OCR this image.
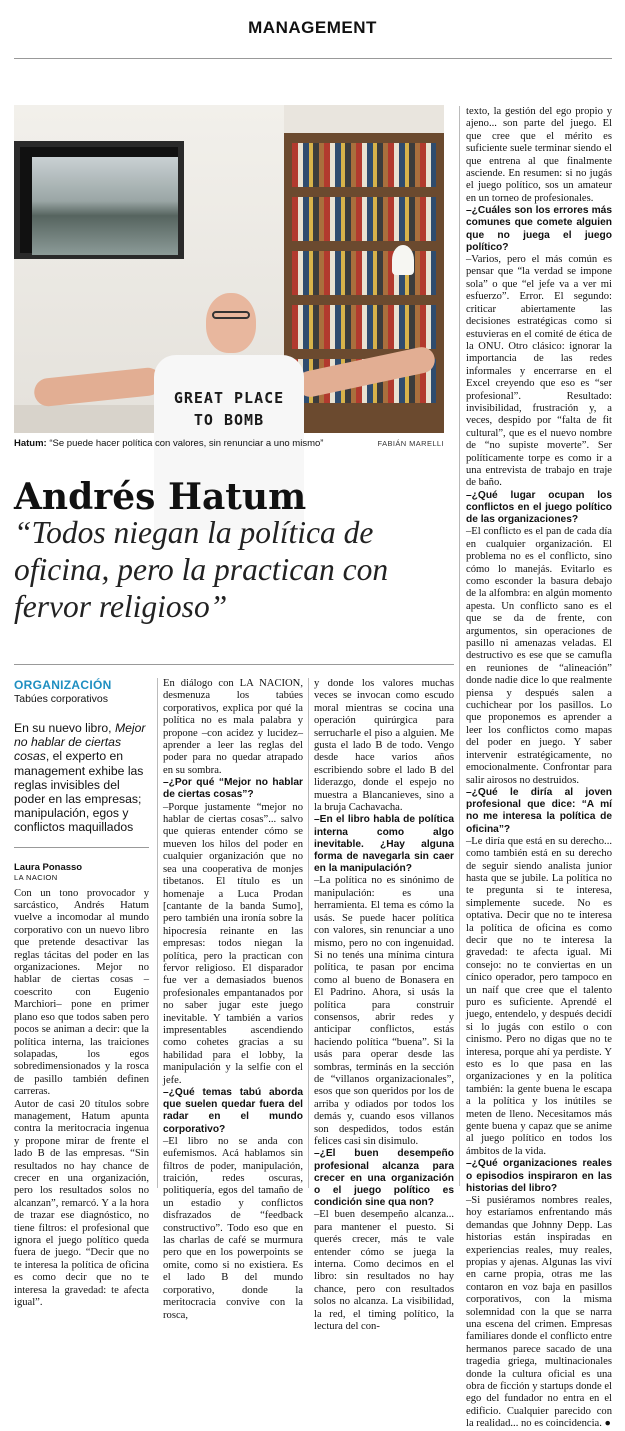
MANAGEMENT
GREAT PLACE TO BOMB
Hatum: “Se puede hacer política con valores, sin renunciar a uno mismo”	FABIÁN MARELLI
Andrés Hatum
“Todos niegan la política de oficina, pero la practican con fervor religioso”
ORGANIZACIÓN
Tabúes corporativos
En su nuevo libro, Mejor no hablar de ciertas cosas, el experto en management exhibe las reglas invisibles del poder en las empresas; manipulación, egos y conflictos maquillados
Laura Ponasso
LA NACION

Con un tono provocador y sarcástico, Andrés Hatum vuelve a incomodar al mundo corporativo con un nuevo libro que pretende desactivar las reglas tácitas del poder en las organizaciones. Mejor no hablar de ciertas cosas –coescrito con Eugenio Marchiori– pone en primer plano eso que todos saben pero pocos se animan a decir: que la política interna, las traiciones solapadas, los egos sobredimensionados y la rosca de pasillo también definen carreras.

Autor de casi 20 títulos sobre management, Hatum apunta contra la meritocracia ingenua y propone mirar de frente el lado B de las empresas. “Sin resultados no hay chance de crecer en una organización, pero los resultados solos no alcanzan”, remarcó. Y a la hora de trazar ese diagnóstico, no tiene filtros: el profesional que ignora el juego político queda fuera de juego. “Decir que no te interesa la política de oficina es como decir que no te interesa la gravedad: te afecta igual”.

En diálogo con LA NACION, desmenuza los tabúes corporativos, explica por qué la política no es mala palabra y propone –con acidez y lucidez– aprender a leer las reglas del poder para no quedar atrapado en su sombra.

–¿Por qué “Mejor no hablar de ciertas cosas”?

–Porque justamente “mejor no hablar de ciertas cosas”... salvo que quieras entender cómo se mueven los hilos del poder en cualquier organización que no sea una cooperativa de monjes tibetanos. El título es un homenaje a Luca Prodan [cantante de la banda Sumo], pero también una ironía sobre la hipocresía reinante en las empresas: todos niegan la política, pero la practican con fervor religioso. El disparador fue ver a demasiados buenos profesionales empantanados por no saber jugar este juego inevitable. Y también a varios impresentables ascendiendo como cohetes gracias a su habilidad para el lobby, la manipulación y la selfie con el jefe.

–¿Qué temas tabú aborda que suelen quedar fuera del radar en el mundo corporativo?

–El libro no se anda con eufemismos. Acá hablamos sin filtros de poder, manipulación, traición, redes oscuras, politiquería, egos del tamaño de un estadio y conflictos disfrazados de “feedback constructivo”. Todo eso que en las charlas de café se murmura pero que en los powerpoints se omite, como si no existiera. Es el lado B del mundo corporativo, donde la meritocracia convive con la rosca,

y donde los valores muchas veces se invocan como escudo moral mientras se cocina una operación quirúrgica para serrucharle el piso a alguien. Me gusta el lado B de todo. Vengo desde hace varios años escribiendo sobre el lado B del liderazgo, donde el espejo no muestra a Blancanieves, sino a la bruja Cachavacha.

–En el libro habla de política interna como algo inevitable. ¿Hay alguna forma de navegarla sin caer en la manipulación?

–La política no es sinónimo de manipulación: es una herramienta. El tema es cómo la usás. Se puede hacer política con valores, sin renunciar a uno mismo, pero no con ingenuidad. Si no tenés una mínima cintura política, te pasan por encima como al bueno de Bonasera en El Padrino. Ahora, si usás la política para construir consensos, abrir redes y anticipar conflictos, estás haciendo política “buena”. Si la usás para operar desde las sombras, terminás en la sección de “villanos organizacionales”, esos que son queridos por los de arriba y odiados por todos los demás y, cuando esos villanos son despedidos, todos están felices casi sin disimulo.

–¿El buen desempeño profesional alcanza para crecer en una organización o el juego político es condición sine qua non?

–El buen desempeño alcanza... para mantener el puesto. Si querés crecer, más te vale entender cómo se juega la interna. Como decimos en el libro: sin resultados no hay chance, pero con resultados solos no alcanza. La visibilidad, la red, el timing político, la lectura del con-

texto, la gestión del ego propio y ajeno... son parte del juego. El que cree que el mérito es suficiente suele terminar siendo el que entrena al que finalmente asciende. En resumen: si no jugás el juego político, sos un amateur en un torneo de profesionales.

–¿Cuáles son los errores más comunes que comete alguien que no juega el juego político?

–Varios, pero el más común es pensar que “la verdad se impone sola” o que “el jefe va a ver mi esfuerzo”. Error. El segundo: criticar abiertamente las decisiones estratégicas como si estuvieras en el comité de ética de la ONU. Otro clásico: ignorar la importancia de las redes informales y encerrarse en el Excel creyendo que eso es “ser profesional”. Resultado: invisibilidad, frustración y, a veces, despido por “falta de fit cultural”, que es el nuevo nombre de “no supiste moverte”. Ser políticamente torpe es como ir a una entrevista de trabajo en traje de baño.

–¿Qué lugar ocupan los conflictos en el juego político de las organizaciones?

–El conflicto es el pan de cada día en cualquier organización. El problema no es el conflicto, sino cómo lo manejás. Evitarlo es como esconder la basura debajo de la alfombra: en algún momento apesta. Un conflicto sano es el que se da de frente, con argumentos, sin operaciones de pasillo ni amenazas veladas. El destructivo es ese que se camufla en reuniones de “alineación” donde nadie dice lo que realmente piensa y después salen a cuchichear por los pasillos. Lo que proponemos es aprender a leer los conflictos como mapas del poder en juego. Y saber intervenir estratégicamente, no emocionalmente. Confrontar para salir airosos no destruidos.

–¿Qué le diría al joven profesional que dice: “A mí no me interesa la política de oficina”?

–Le diría que está en su derecho... como también está en su derecho de seguir siendo analista junior hasta que se jubile. La política no te pregunta si te interesa, simplemente sucede. No es optativa. Decir que no te interesa la política de oficina es como decir que no te interesa la gravedad: te afecta igual. Mi consejo: no te conviertas en un cínico operador, pero tampoco en un naíf que cree que el talento puro es suficiente. Aprendé el juego, entendelo, y después decidí si lo jugás con estilo o con cinismo. Pero no digas que no te interesa, porque ahí ya perdiste. Y esto es lo que pasa en las organizaciones y en la política también: la gente buena le escapa a la política y los inútiles se meten de lleno. Necesitamos más gente buena y capaz que se anime al juego político en todos los ámbitos de la vida.

–¿Qué organizaciones reales o episodios inspiraron en las historias del libro?

–Si pusiéramos nombres reales, hoy estaríamos enfrentando más demandas que Johnny Depp. Las historias están inspiradas en experiencias reales, muy reales, propias y ajenas. Algunas las viví en carne propia, otras me las contaron en voz baja en pasillos corporativos, con la misma solemnidad con la que se narra una escena del crimen. Empresas familiares donde el conflicto entre hermanos parece sacado de una tragedia griega, multinacionales donde la cultura oficial es una obra de ficción y startups donde el ego del fundador no entra en el edificio. Cualquier parecido con la realidad... no es coincidencia. ●
